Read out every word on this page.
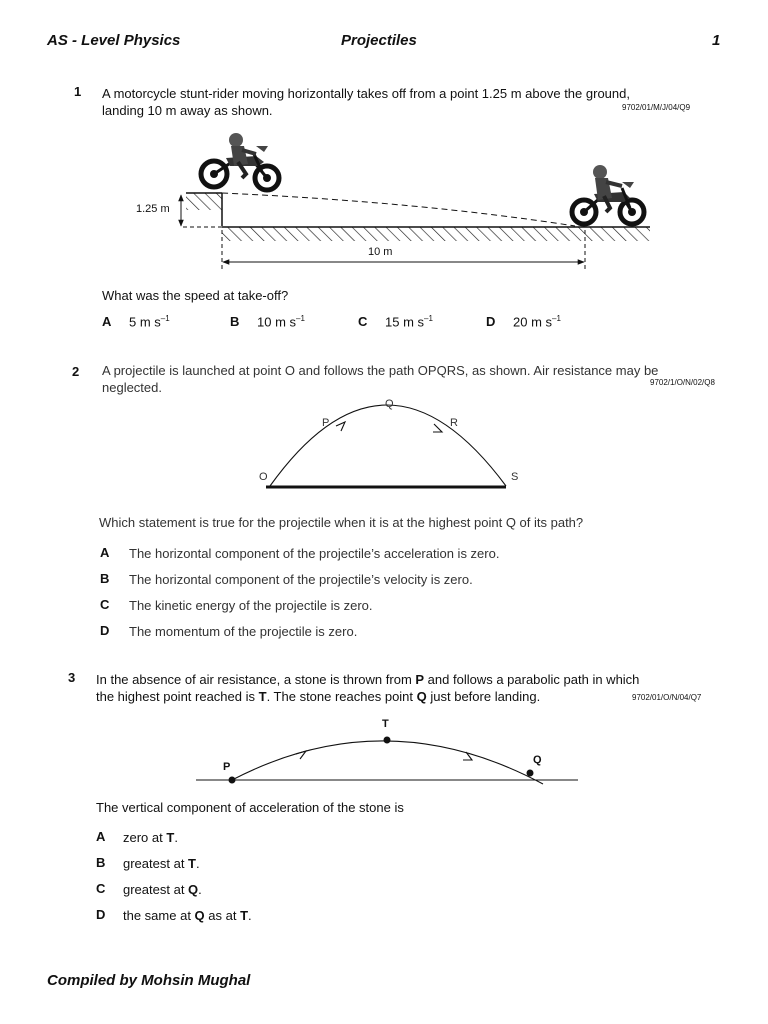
AS - Level Physics	Projectiles	1
1 A motorcycle stunt-rider moving horizontally takes off from a point 1.25 m above the ground,
landing 10 m away as shown.	9702/01/M/J/04/Q9
1.25 m
10 m
What was the speed at take-off?
A 5 m $s^{-1}$	B 10 m $s^{-1}$	C 15 m $s^{-1}$	D 20 m $s^{-1}$
2 A projectile is launched at point O and follows the path OPQRS, as shown. Air resistance may be
neglected.	9702/1/O/N/02/Q8
O
P
Q
R
S
Which statement is true for the projectile when it is at the highest point Q of its path?
A The horizontal component of the projectile’s acceleration is zero.
B The horizontal component of the projectile’s velocity is zero.
C The kinetic energy of the projectile is zero.
D The momentum of the projectile is zero.
3 In the absence of air resistance, a stone is thrown from P and follows a parabolic path in which
the highest point reached is T. The stone reaches point Q just before landing.	9702/01/O/N/04/Q7
P
T
Q
The vertical component of acceleration of the stone is
A zero at T.
B greatest at T.
C greatest at Q.
D the same at Q as at T.
Compiled by Mohsin Mughal
